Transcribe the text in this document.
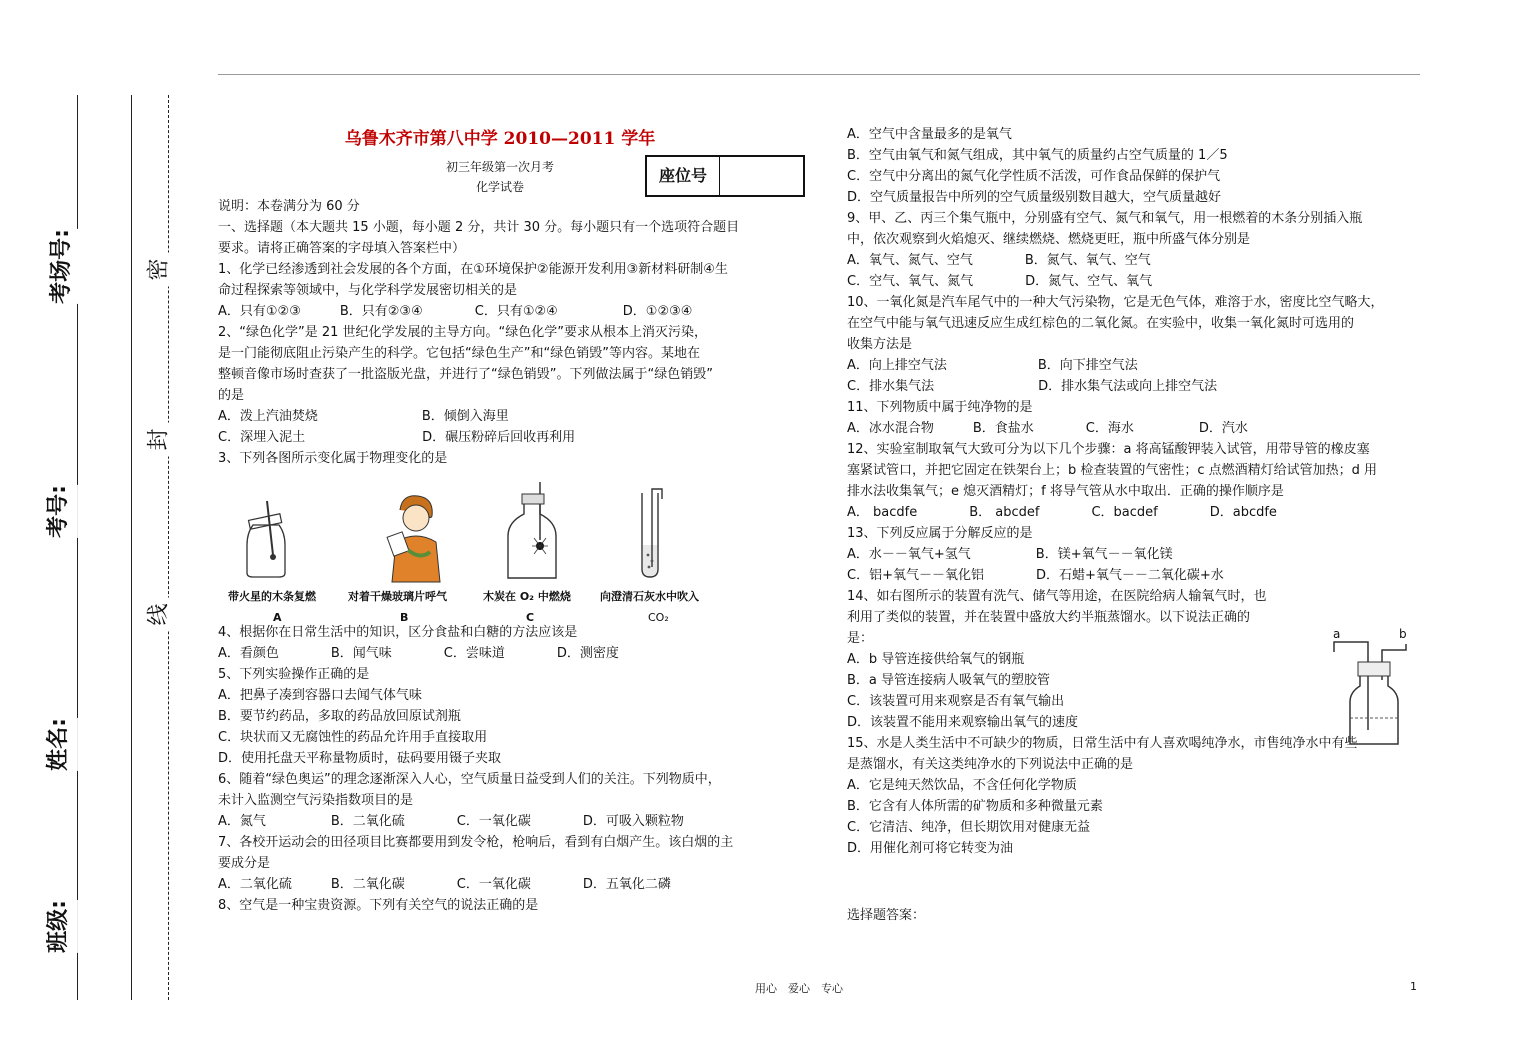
考场号:
考号:
姓名:
班级:
密
封
线
乌鲁木齐市第八中学 2010—2011 学年
初三年级第一次月考
化学试卷
座位号
说明：本卷满分为 60 分
一、选择题（本大题共 15 小题，每小题 2 分，共计 30 分。每小题只有一个选项符合题目
要求。请将正确答案的字母填入答案栏中）
1、化学已经渗透到社会发展的各个方面，在①环境保护②能源开发利用③新材料研制④生
命过程探索等领域中，与化学科学发展密切相关的是
A．只有①②③　　　B．只有②③④　　　　C．只有①②④　　　　　D．①②③④
2、“绿色化学”是 21 世纪化学发展的主导方向。“绿色化学”要求从根本上消灭污染，
是一门能彻底阻止污染产生的科学。它包括“绿色生产”和“绿色销毁”等内容。某地在
整顿音像市场时查获了一批盗版光盘，并进行了“绿色销毁”。下列做法属于“绿色销毁”
的是
A．泼上汽油焚烧　　　　　　　　B．倾倒入海里
C．深埋入泥土　　　　　　　　　D．碾压粉碎后回收再利用
3、下列各图所示变化属于物理变化的是
带火星的木条复燃	对着干燥玻璃片呼气	木炭在 O₂ 中燃烧	向澄清石灰水中吹入
A	B	C	CO₂
4、根据你在日常生活中的知识，区分食盐和白糖的方法应该是
A．看颜色　　　　B．闻气味　　　　C．尝味道　　　　D．测密度
5、下列实验操作正确的是
A．把鼻子凑到容器口去闻气体气味
B．要节约药品，多取的药品放回原试剂瓶
C．块状而又无腐蚀性的药品允许用手直接取用
D．使用托盘天平称量物质时，砝码要用镊子夹取
6、随着“绿色奥运”的理念逐渐深入人心，空气质量日益受到人们的关注。下列物质中，
未计入监测空气污染指数项目的是
A．氮气　　　　　B．二氧化硫　　　　C．一氧化碳　　　　D．可吸入颗粒物
7、各校开运动会的田径项目比赛都要用到发令枪，枪响后，看到有白烟产生。该白烟的主
要成分是
A．二氧化硫　　　B．二氧化碳　　　　C．一氧化碳　　　　D．五氧化二磷
8、空气是一种宝贵资源。下列有关空气的说法正确的是
A．空气中含量最多的是氧气
B．空气由氧气和氮气组成，其中氧气的质量约占空气质量的 1／5
C．空气中分离出的氮气化学性质不活泼，可作食品保鲜的保护气
D．空气质量报告中所列的空气质量级别数目越大，空气质量越好
9、甲、乙、丙三个集气瓶中，分别盛有空气、氮气和氧气，用一根燃着的木条分别插入瓶
中，依次观察到火焰熄灭、继续燃烧、燃烧更旺，瓶中所盛气体分别是
A．氧气、氮气、空气　　　　B．氮气、氧气、空气
C．空气、氧气、氮气　　　　D．氮气、空气、氧气
10、一氧化氮是汽车尾气中的一种大气污染物，它是无色气体，难溶于水，密度比空气略大，
在空气中能与氧气迅速反应生成红棕色的二氧化氮。在实验中，收集一氧化氮时可选用的
收集方法是
A．向上排空气法　　　　　　　B．向下排空气法
C．排水集气法　　　　　　　　D．排水集气法或向上排空气法
11、下列物质中属于纯净物的是
A．冰水混合物　　　B．食盐水　　　　C．海水　　　　　D．汽水
12、实验室制取氧气大致可分为以下几个步骤：a 将高锰酸钾装入试管，用带导管的橡皮塞
塞紧试管口，并把它固定在铁架台上；b 检查装置的气密性；c 点燃酒精灯给试管加热；d 用
排水法收集氧气；e 熄灭酒精灯；f 将导气管从水中取出．正确的操作顺序是
A． bacdfe　　　　B． abcdef　　　　C．bacdef　　　　D．abcdfe
13、下列反应属于分解反应的是
A．水－－氧气+氢气　　　　　B．镁+氧气－－氧化镁
C．铝+氧气－－氧化铝　　　　D．石蜡+氧气－－二氧化碳+水
14、如右图所示的装置有洗气、储气等用途，在医院给病人输氧气时，也
利用了类似的装置，并在装置中盛放大约半瓶蒸馏水。以下说法正确的
是：
A．b 导管连接供给氧气的钢瓶
B．a 导管连接病人吸氧气的塑胶管
C．该装置可用来观察是否有氧气输出
D．该装置不能用来观察输出氧气的速度
15、水是人类生活中不可缺少的物质，日常生活中有人喜欢喝纯净水，市售纯净水中有些
是蒸馏水，有关这类纯净水的下列说法中正确的是
A．它是纯天然饮品，不含任何化学物质
B．它含有人体所需的矿物质和多种微量元素
C．它清洁、纯净，但长期饮用对健康无益
D．用催化剂可将它转变为油
选择题答案：
a	b
用心　爱心　专心	1
